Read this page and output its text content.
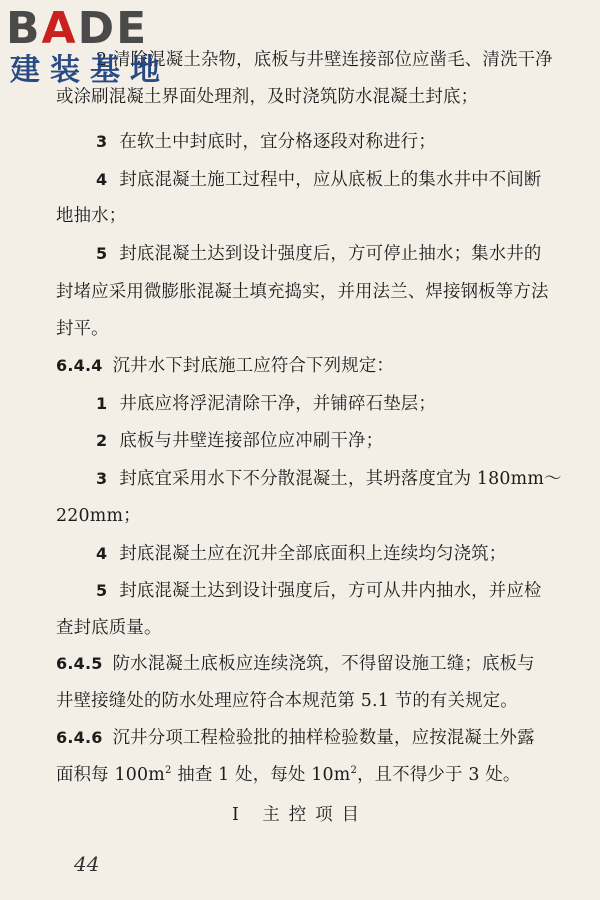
2 清除混凝土杂物，底板与井壁连接部位应凿毛、清洗干净
或涂刷混凝土界面处理剂，及时浇筑防水混凝土封底；
3 在软土中封底时，宜分格逐段对称进行；
4 封底混凝土施工过程中，应从底板上的集水井中不间断
地抽水；
5 封底混凝土达到设计强度后，方可停止抽水；集水井的
封堵应采用微膨胀混凝土填充捣实，并用法兰、焊接钢板等方法
封平。
6.4.4 沉井水下封底施工应符合下列规定：
1 井底应将浮泥清除干净，并铺碎石垫层；
2 底板与井壁连接部位应冲刷干净；
3 封底宜采用水下不分散混凝土，其坍落度宜为 180mm～
220mm；
4 封底混凝土应在沉井全部底面积上连续均匀浇筑；
5 封底混凝土达到设计强度后，方可从井内抽水，并应检
查封底质量。
6.4.5 防水混凝土底板应连续浇筑，不得留设施工缝；底板与
井壁接缝处的防水处理应符合本规范第 5.1 节的有关规定。
6.4.6 沉井分项工程检验批的抽样检验数量，应按混凝土外露
面积每 $100m^2$ 抽查 1 处，每处 $10m^2$，且不得少于 3 处。
Ⅰ 主控项目
44
BADE
建装基地
